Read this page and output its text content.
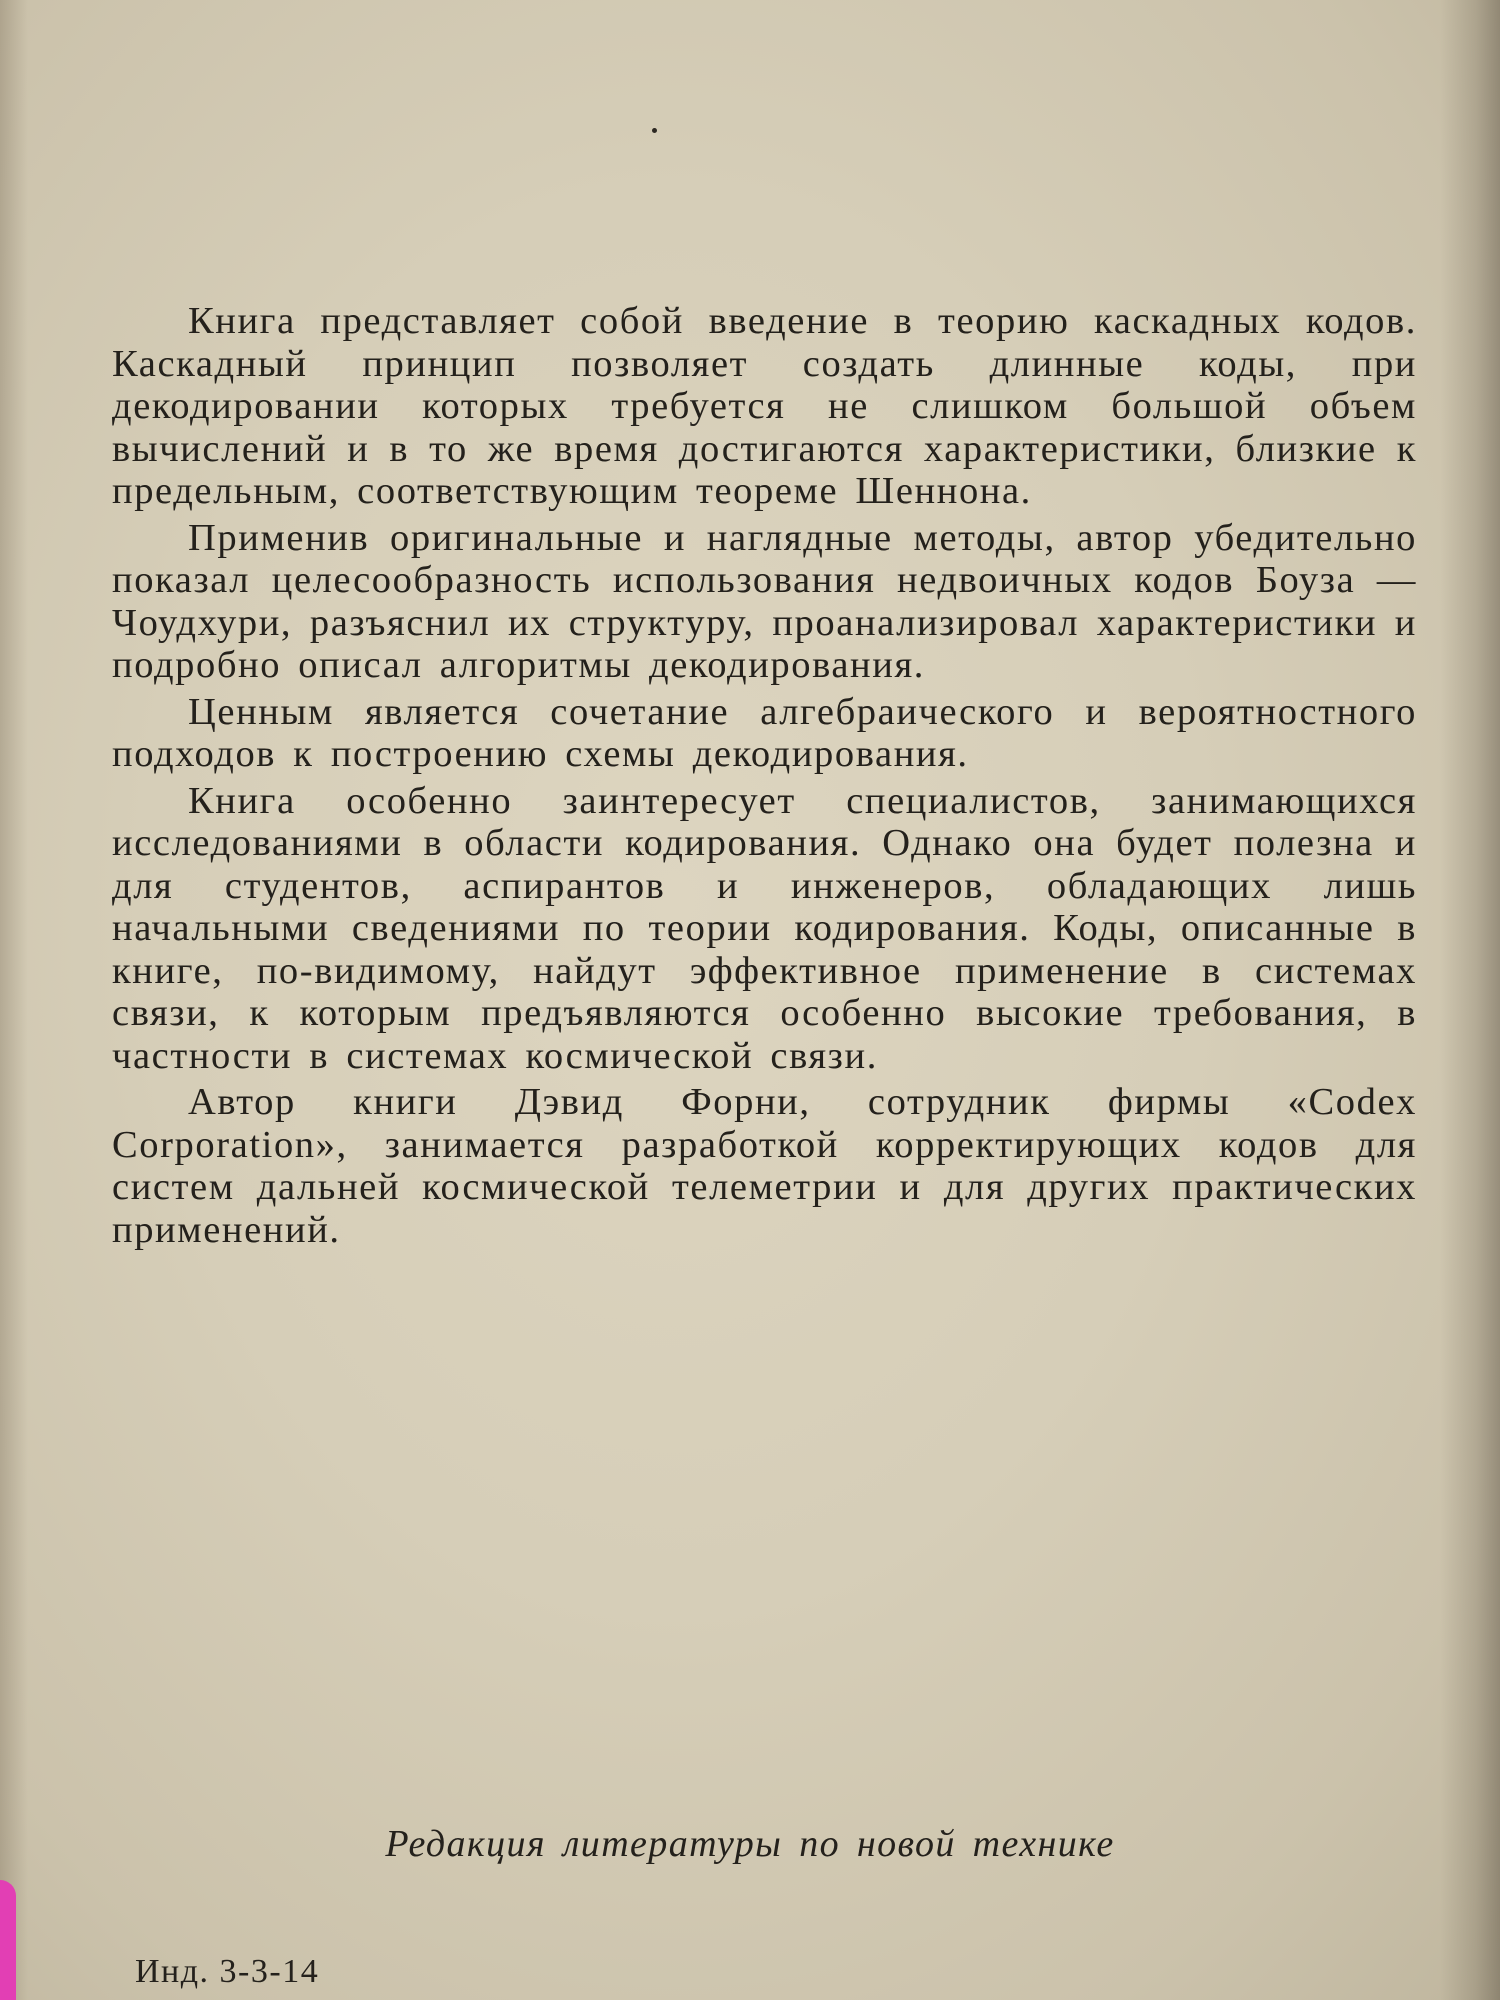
Книга представляет собой введение в теорию каскадных кодов. Каскадный принцип позволяет создать длинные коды, при декодировании которых требуется не слишком большой объем вычислений и в то же время достигаются характеристики, близкие к предельным, соответствующим теореме Шеннона.

Применив оригинальные и наглядные методы, автор убедительно показал целесообразность использования недвоичных кодов Боуза — Чоудхури, разъяснил их структуру, проанализировал характеристики и подробно описал алгоритмы декодирования.

Ценным является сочетание алгебраического и вероятностного подходов к построению схемы декодирования.

Книга особенно заинтересует специалистов, занимающихся исследованиями в области кодирования. Однако она будет полезна и для студентов, аспирантов и инженеров, обладающих лишь начальными сведениями по теории кодирования. Коды, описанные в книге, по-видимому, найдут эффективное применение в системах связи, к которым предъявляются особенно высокие требования, в частности в системах космической связи.

Автор книги Дэвид Форни, сотрудник фирмы «Codex Corporation», занимается разработкой корректирующих кодов для систем дальней космической телеметрии и для других практических применений.

Редакция литературы по новой технике
Инд. 3-3-14
